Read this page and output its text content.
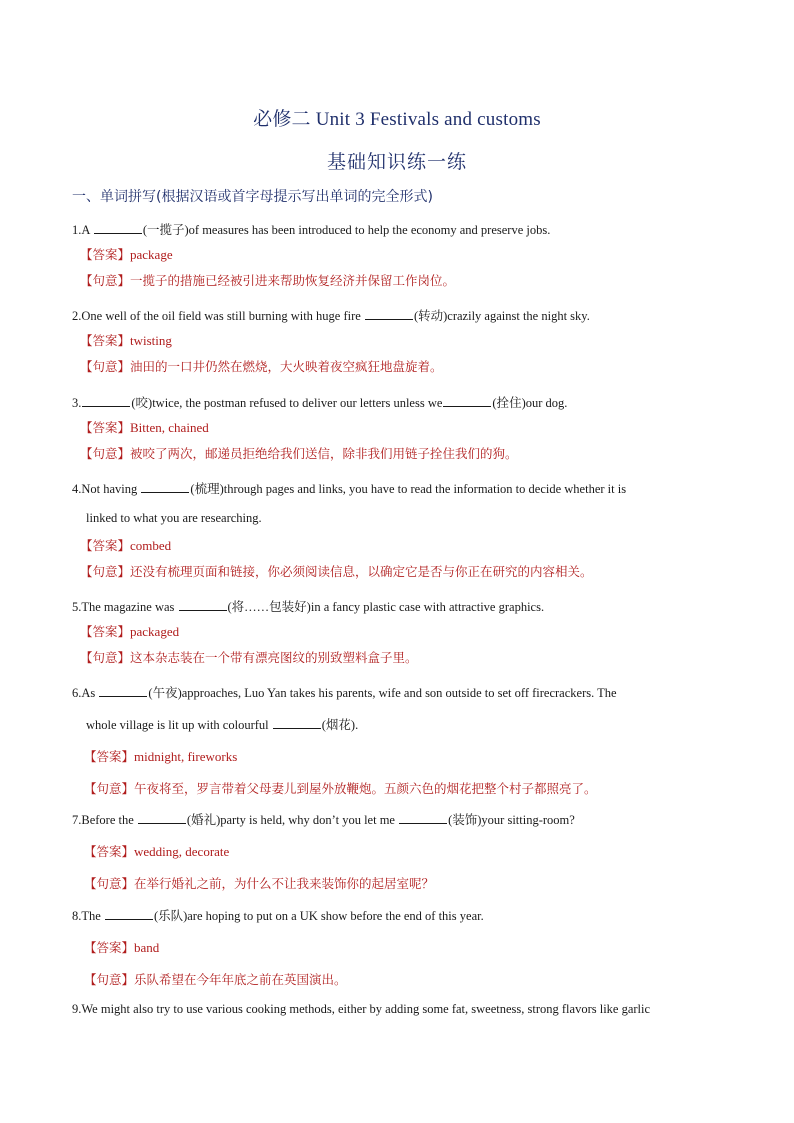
必修二 Unit 3 Festivals and customs
基础知识练一练
一、单词拼写(根据汉语或首字母提示写出单词的完全形式)
1.A	(一揽子)of measures has been introduced to help the economy and preserve jobs.
【答案】package
【句意】一揽子的措施已经被引进来帮助恢复经济并保留工作岗位。
2.One well of the oil field was still burning with huge fire	(转动)crazily against the night sky.
【答案】twisting
【句意】油田的一口井仍然在燃烧，大火映着夜空疯狂地盘旋着。
3.	(咬)twice, the postman refused to deliver our letters unless we	(拴住)our dog.
【答案】Bitten, chained
【句意】被咬了两次，邮递员拒绝给我们送信，除非我们用链子拴住我们的狗。
4.Not having	(梳理)through pages and links, you have to read the information to decide whether it is
linked to what you are researching.
【答案】combed
【句意】还没有梳理页面和链接，你必须阅读信息，以确定它是否与你正在研究的内容相关。
5.The magazine was	(将……包装好)in a fancy plastic case with attractive graphics.
【答案】packaged
【句意】这本杂志装在一个带有漂亮图纹的别致塑料盒子里。
6.As	(午夜)approaches, Luo Yan takes his parents, wife and son outside to set off firecrackers. The
whole village is lit up with colourful	(烟花).
【答案】midnight, fireworks
【句意】午夜将至，罗言带着父母妻儿到屋外放鞭炮。五颜六色的烟花把整个村子都照亮了。
7.Before the	(婚礼)party is held, why don’t you let me	(装饰)your sitting-room?
【答案】wedding, decorate
【句意】在举行婚礼之前，为什么不让我来装饰你的起居室呢？
8.The	(乐队)are hoping to put on a UK show before the end of this year.
【答案】band
【句意】乐队希望在今年年底之前在英国演出。
9.We might also try to use various cooking methods, either by adding some fat, sweetness, strong flavors like garlic
